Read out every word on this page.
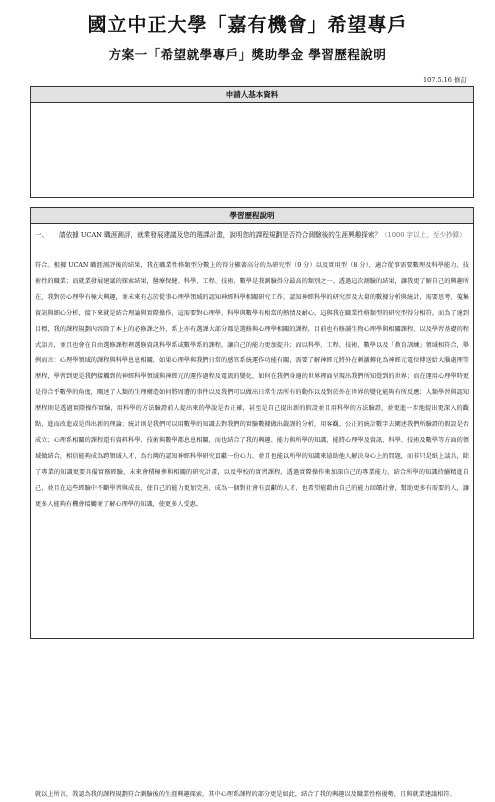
國立中正大學「嘉有機會」希望專戶
方案一「希望就學專戶」獎助學金 學習歷程說明
107.5.16 修訂
申請人基本資料
學習歷程說明
一、	請依據 UCAN 職涯測評，就業發展建議及您的選課計畫，說明您的課程規劃是否符合測驗後的生涯興趣探索？（1000 字以上，至少抄錄）
符合。根據 UCAN 職涯測評後的結果，我在職業性格類型分數上的得分顯著高分的為研究型（9 分）以及實用型（8 分），適合從事需要數理及科學能力、技術性的職業；而就業發展建議的探索結果，醫療保健、科學、工程、技術、數學是我測驗得分最高的類別之一。透過這次測驗的結果，讓我更了解自己的興趣所在，我對於心理學有極大興趣，並未來有志於從事心理學領域的認知神經科學相關研究工作，認知神經科學的研究涉及大量的數據分析與統計，需要思考、蒐集資訊與細心分析，接下來就是結合理論與實際操作，這需要對心理學、科學與數學有相當的熱情及耐心，這與我在職業性格類型的研究型得分相符。而為了達到目標，我的課程規劃內容除了本上的必修課之外，系上亦有選課大部分都是選修與心理學相關的課程，目前也有修讀生物心理學與相關課程，以及學習基礎的程式語言，並且也會在自由選修課程裡選修資訊科學系或數學系的課程，讓自己的能力更加提升；而以科學、工程、技術、數學以及「教育訓練」領域相符合，舉例而言：心理學領域的課程與科學息息相關，如果心理學與我們日常的感官系統運作功能有關，需要了解神經元將外在刺激轉化為神經元電位傳送給大腦處理等歷程，學習到更是我們接觸到的神經科學領域與神經元的運作過程及電流的變化，如何在我們身邊的世界裡面呈現出我們所知覺到的世界；而在運用心理學時更是得合乎數學的角度，闡述了人類的生理構造如何將周遭的事件以及我們可以做出日常生活所有的動作以及對於外在世界的變化能夠有所反應；人類學習與認知歷程則是透過實際操作實驗，用科學的方法驗證前人提出來的學說是否正確，甚至是自己提出新的假設並且用科學的方法驗證，並更進一步地提出更深入的觀點，進而改進或是得出新的理論；統計則是我們可以用數學的知識去對我們的實驗數據做出嚴謹的分析，用客觀、公正的統計數字去闡述我們所驗證的假設是否成立；心理系相關的課程還有資料科學、技術與數學都息息相關，而也結合了我的興趣、能力與所學的知識，能將心理學及資訊、科學、技術及數學等方面的領域做結合，相信能夠成為跨領域人才，為台灣的認知神經科學研究貢獻一份心力，並且也能以所學的知識來協助他人解決身心上的問題，而非只是紙上談兵，除了專業的知識更要具備實務經驗，未來會積極參與相關的研究計畫，以及學校的實習課程，透過實際操作來加深自己的專業能力，結合所學的知識持續精進自己，並且在這些經驗中不斷學習與成長，使自己的能力更加完善，成為一個對社會有貢獻的人才，也希望能藉由自己的能力回饋社會，幫助更多有需要的人，讓更多人能夠有機會接觸並了解心理學的知識，使更多人受惠。
就以上所言，我認為我的課程規劃符合測驗後的生涯興趣探索，其中心理系課程的部分更是如此，結合了我的興趣以及職業性格優勢，且與就業建議相符。
